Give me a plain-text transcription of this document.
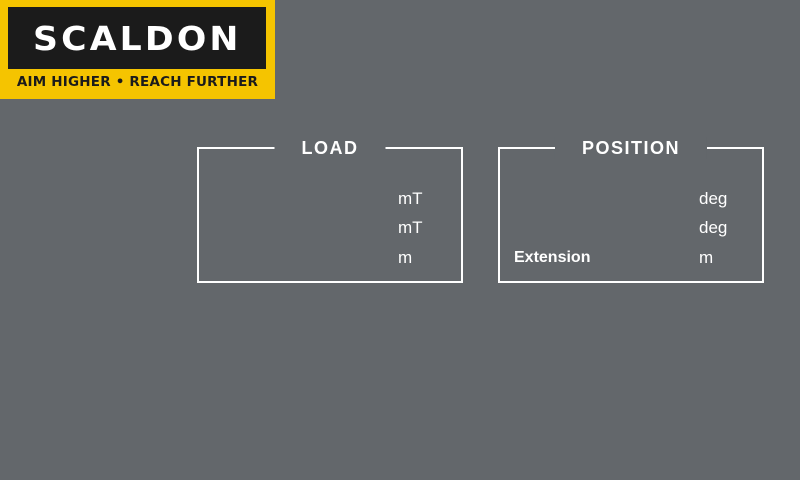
SCALDON
AIM HIGHER • REACH FURTHER
LOAD
mT
mT
m
POSITION
deg
deg
Extension	m
